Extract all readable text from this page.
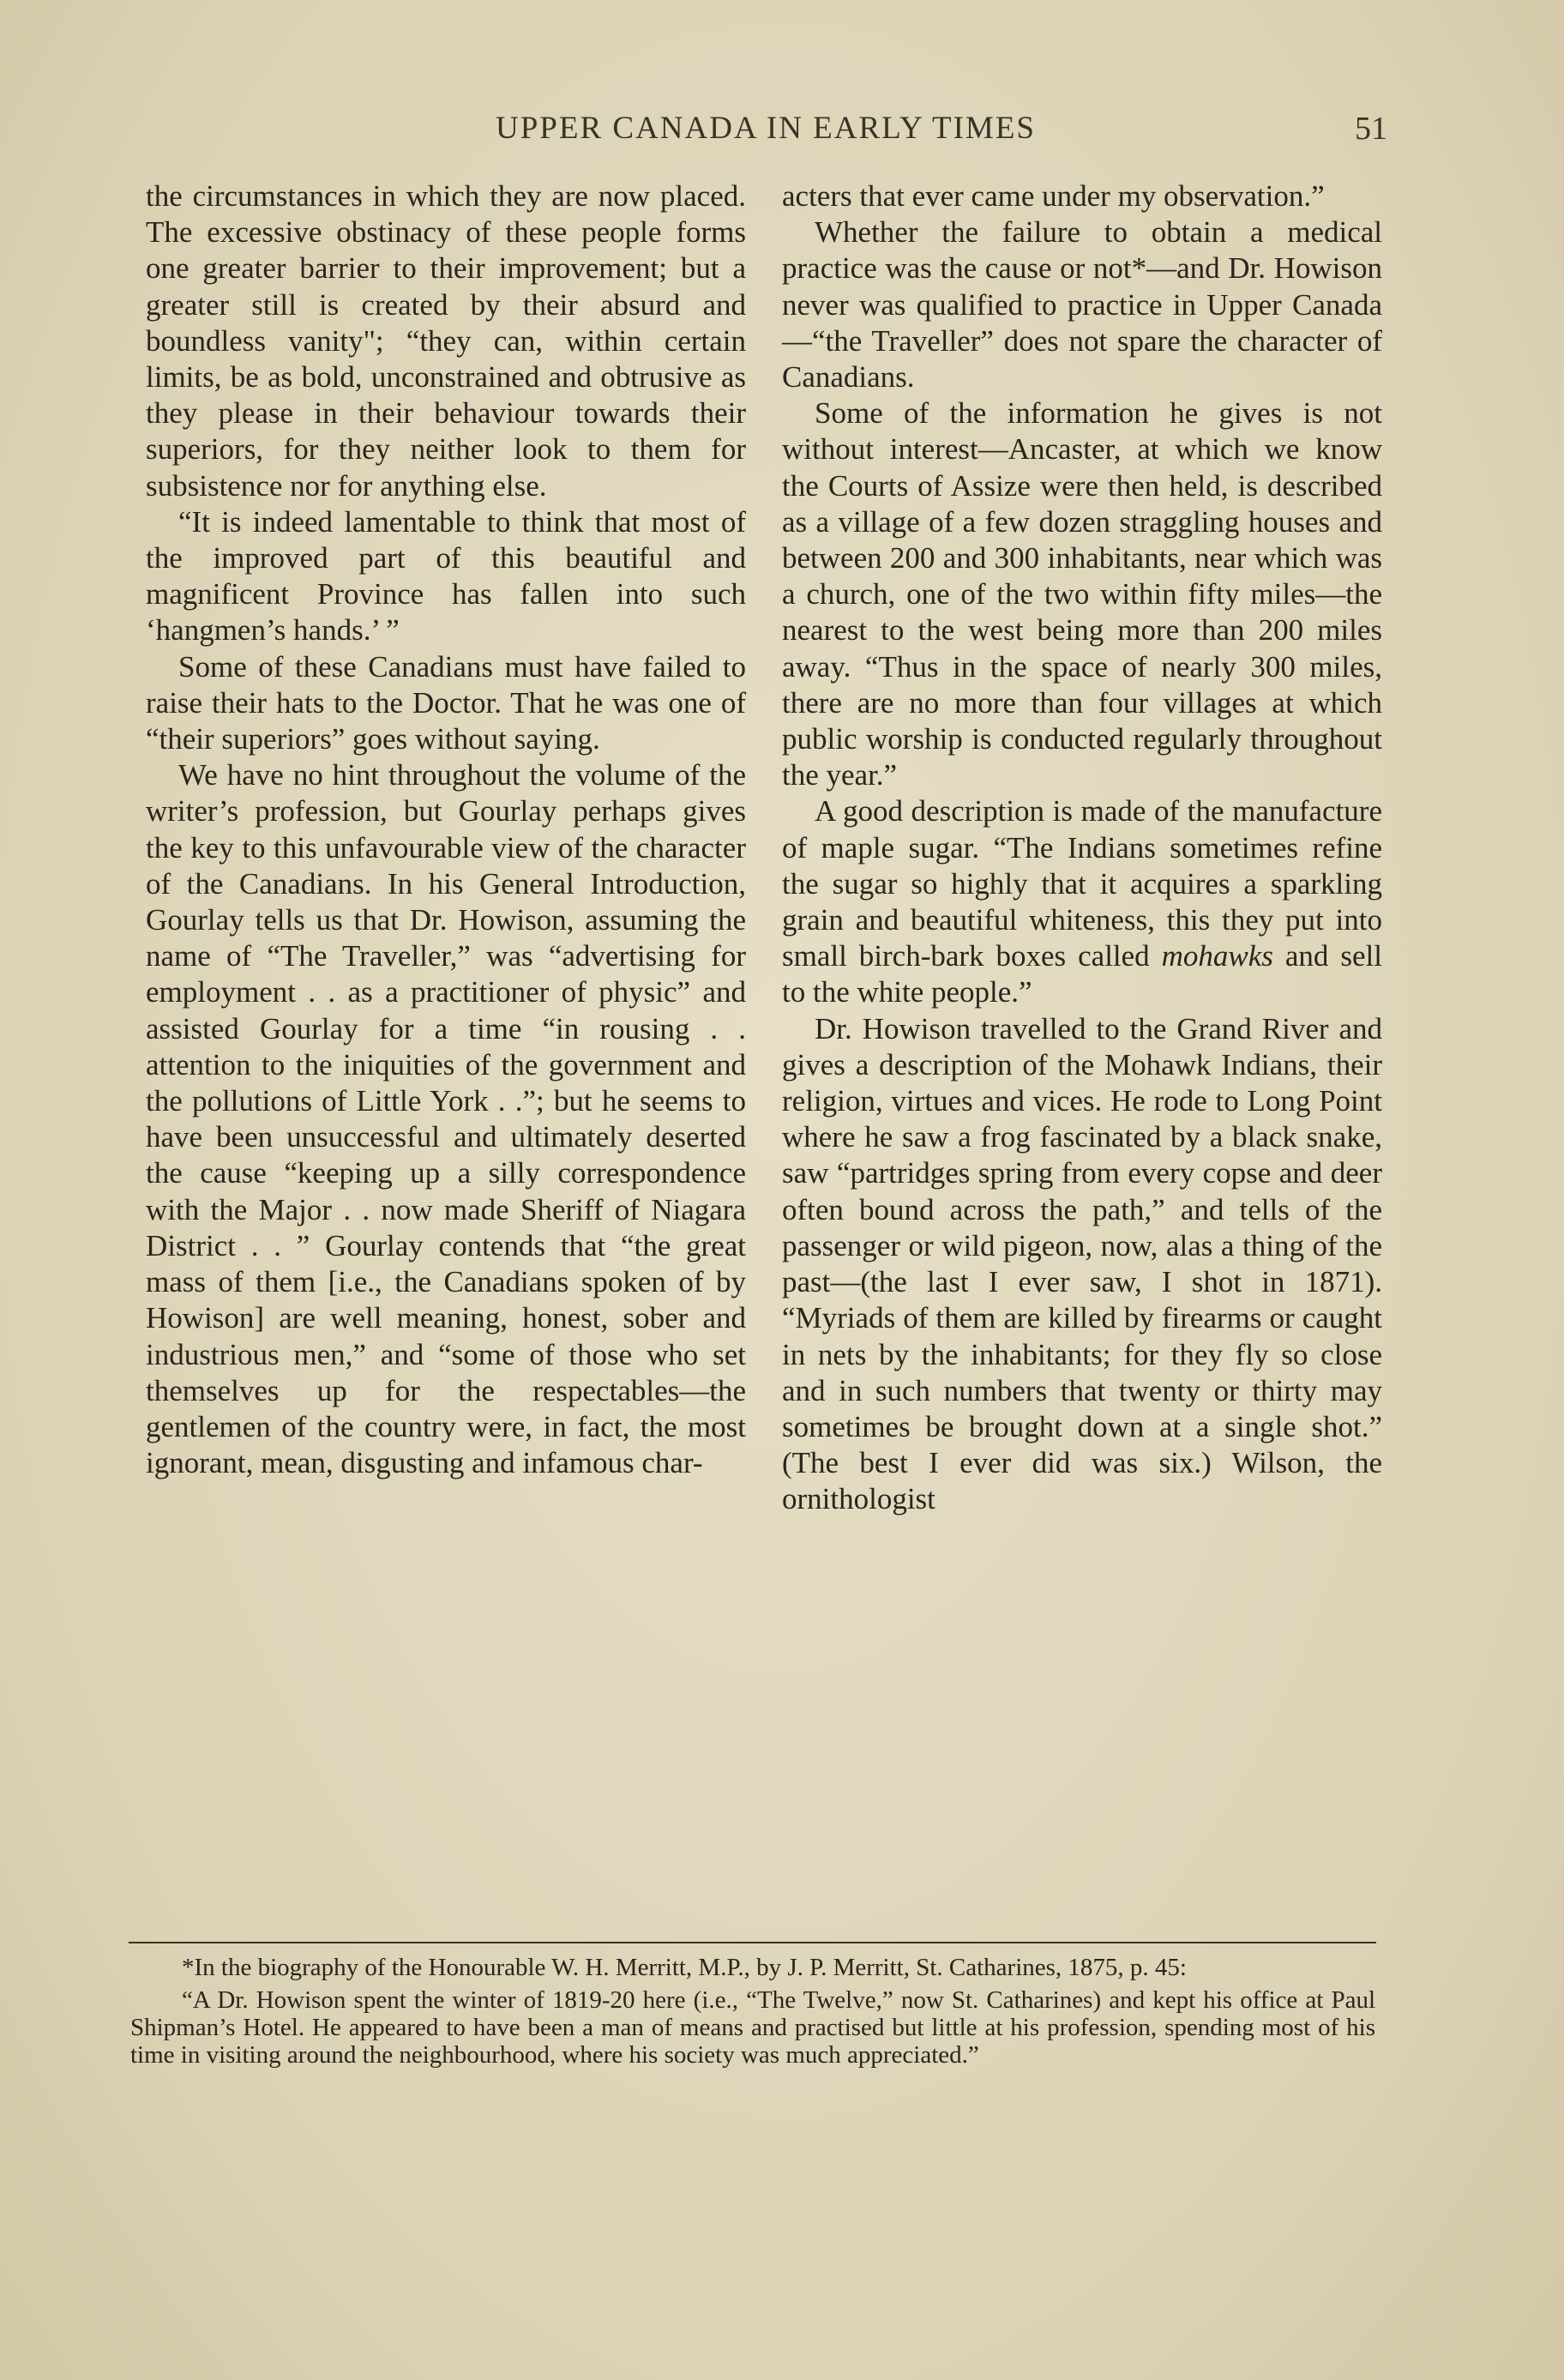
UPPER CANADA IN EARLY TIMES	51

the circumstances in which they are now placed. The excessive obstinacy of these people forms one greater barrier to their improvement; but a greater still is created by their absurd and boundless vanity"; “they can, within certain limits, be as bold, unconstrained and obtrusive as they please in their behaviour towards their superiors, for they neither look to them for subsistence nor for anything else.

“It is indeed lamentable to think that most of the improved part of this beautiful and magnificent Province has fallen into such ‘hangmen’s hands.’ ”

Some of these Canadians must have failed to raise their hats to the Doctor. That he was one of “their superiors” goes without saying.

We have no hint throughout the volume of the writer’s profession, but Gourlay perhaps gives the key to this unfavourable view of the character of the Canadians. In his General Introduction, Gourlay tells us that Dr. Howison, assuming the name of “The Traveller,” was “advertising for employment . . as a practitioner of physic” and assisted Gourlay for a time “in rousing . . attention to the iniquities of the government and the pollutions of Little York . .”; but he seems to have been unsuccessful and ultimately deserted the cause “keeping up a silly correspondence with the Major . . now made Sheriff of Niagara District . . ” Gourlay contends that “the great mass of them [i.e., the Canadians spoken of by Howison] are well meaning, honest, sober and industrious men,” and “some of those who set themselves up for the respectables—the gentlemen of the country were, in fact, the most ignorant, mean, disgusting and infamous char-

acters that ever came under my observation.”

Whether the failure to obtain a medical practice was the cause or not*—and Dr. Howison never was qualified to practice in Upper Canada—“the Traveller” does not spare the character of Canadians.

Some of the information he gives is not without interest—Ancaster, at which we know the Courts of Assize were then held, is described as a village of a few dozen straggling houses and between 200 and 300 inhabitants, near which was a church, one of the two within fifty miles—the nearest to the west being more than 200 miles away. “Thus in the space of nearly 300 miles, there are no more than four villages at which public worship is conducted regularly throughout the year.”

A good description is made of the manufacture of maple sugar. “The Indians sometimes refine the sugar so highly that it acquires a sparkling grain and beautiful whiteness, this they put into small birch-bark boxes called mohawks and sell to the white people.”

Dr. Howison travelled to the Grand River and gives a description of the Mohawk Indians, their religion, virtues and vices. He rode to Long Point where he saw a frog fascinated by a black snake, saw “partridges spring from every copse and deer often bound across the path,” and tells of the passenger or wild pigeon, now, alas a thing of the past—(the last I ever saw, I shot in 1871). “Myriads of them are killed by firearms or caught in nets by the inhabitants; for they fly so close and in such numbers that twenty or thirty may sometimes be brought down at a single shot.” (The best I ever did was six.) Wilson, the ornithologist

*In the biography of the Honourable W. H. Merritt, M.P., by J. P. Merritt, St. Catharines, 1875, p. 45:

“A Dr. Howison spent the winter of 1819-20 here (i.e., “The Twelve,” now St. Catharines) and kept his office at Paul Shipman’s Hotel. He appeared to have been a man of means and practised but little at his profession, spending most of his time in visiting around the neighbourhood, where his society was much appreciated.”
